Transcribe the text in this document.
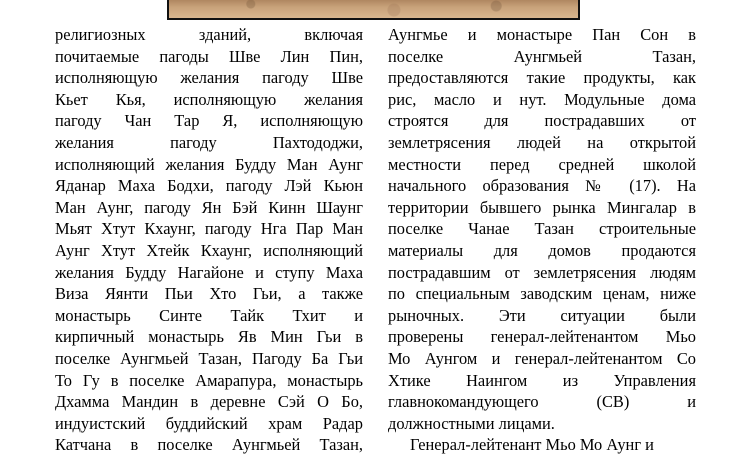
религиозных зданий, включая
почитаемые пагоды Шве Лин Пин,
исполняющую желания пагоду Шве
Кьет Кья, исполняющую желания
пагоду Чан Тар Я, исполняющую
желания пагоду Пахтододжи,
исполняющий желания Будду Ман Аунг
Яданар Маха Бодхи, пагоду Лэй Кьюн
Ман Аунг, пагоду Ян Бэй Кинн Шаунг
Мьят Хтут Кхаунг, пагоду Нга Пар Ман
Аунг Хтут Хтейк Кхаунг, исполняющий
желания Будду Нагайоне и ступу Маха
Виза Яянти Пьи Хто Гьи, а также
монастырь Синте Тайк Тхит и
кирпичный монастырь Яв Мин Гьи в
поселке Аунгмьей Тазан, Пагоду Ба Гьи
То Гу в поселке Амарапура, монастырь
Дхамма Мандин в деревне Сэй О Бо,
индуистский буддийский храм Радар
Катчана в поселке Аунгмьей Тазан,
Аунгмье и монастыре Пан Сон в
поселке Аунгмьей Тазан,
предоставляются такие продукты, как
рис, масло и нут. Модульные дома
строятся для пострадавших от
землетрясения людей на открытой
местности перед средней школой
начального образования № (17). На
территории бывшего рынка Мингалар в
поселке Чанае Тазан строительные
материалы для домов продаются
пострадавшим от землетрясения людям
по специальным заводским ценам, ниже
рыночных. Эти ситуации были
проверены генерал-лейтенантом Мьо
Мо Аунгом и генерал-лейтенантом Со
Хтике Наингом из Управления
главнокомандующего (СВ) и
должностными лицами.
Генерал-лейтенант Мьо Мо Аунг и
